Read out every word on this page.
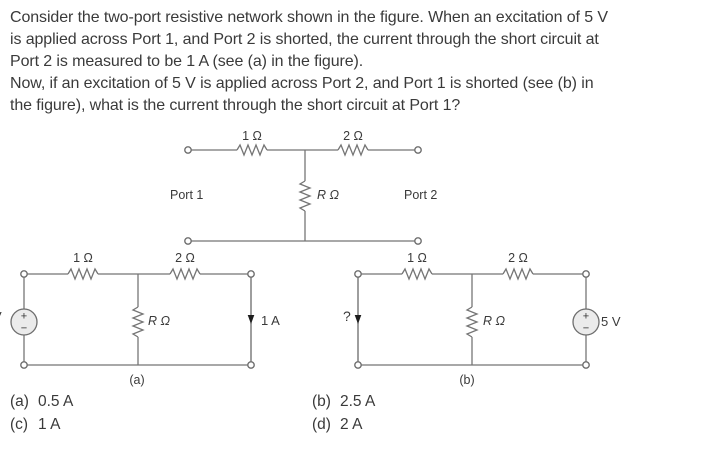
Consider the two-port resistive network shown in the figure. When an excitation of 5 V
is applied across Port 1, and Port 2 is shorted, the current through the short circuit at
Port 2 is measured to be 1 A (see (a) in the figure).
Now, if an excitation of 5 V is applied across Port 2, and Port 1 is shorted (see (b) in
the figure), what is the current through the short circuit at Port 1?
1 Ω	2 Ω
Port 1	R Ω	Port 2
+
−
1 Ω	2 Ω
R Ω	1 A
(a)
+
−
1 Ω	2 Ω
R Ω
?	5 V
(b)
(a) 0.5 A	(b) 2.5 A
(c) 1 A	(d) 2 A
